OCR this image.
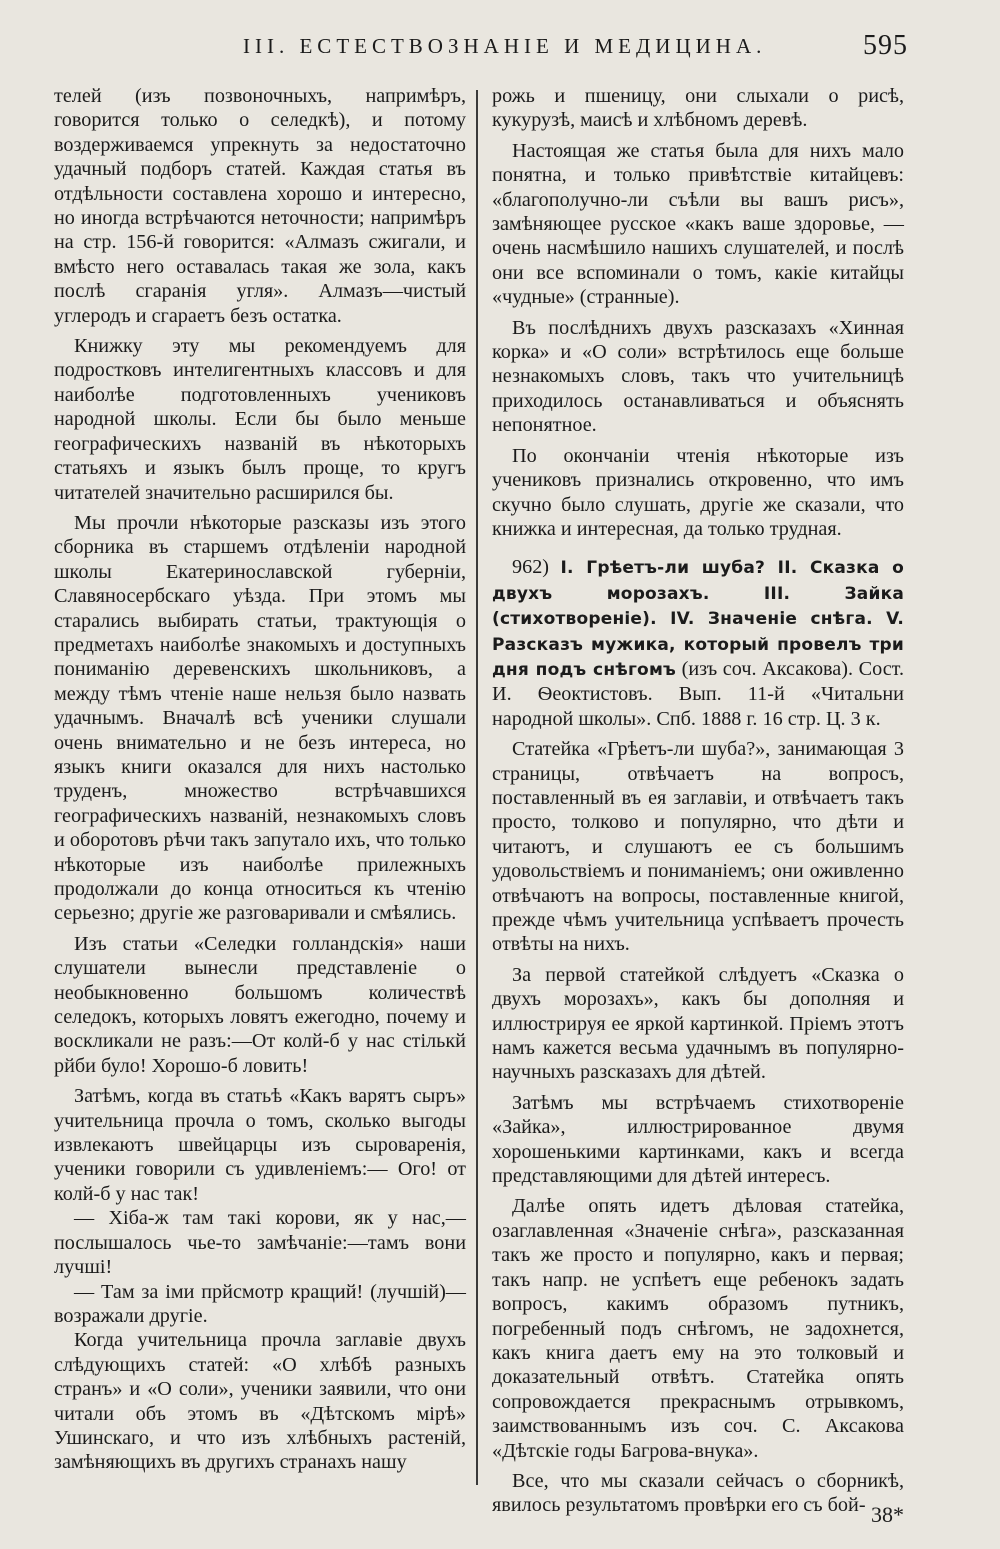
III. ЕСТЕСТВОЗНАНІЕ И МЕДИЦИНА.	595

телей (изъ позвоночныхъ, напримѣръ, говорится только о селедкѣ), и потому воздерживаемся упрекнуть за недостаточно удачный подборъ статей. Каждая статья въ отдѣльности составлена хорошо и интересно, но иногда встрѣчаются неточности; напримѣръ на стр. 156-й говорится: «Алмазъ сжигали, и вмѣсто него оставалась такая же зола, какъ послѣ сгаранія угля». Алмазъ—чистый углеродъ и сгараетъ безъ остатка.

Книжку эту мы рекомендуемъ для подростковъ интелигентныхъ классовъ и для наиболѣе подготовленныхъ учениковъ народной школы. Если бы было меньше географическихъ названій въ нѣкоторыхъ статьяхъ и языкъ былъ проще, то кругъ читателей значительно расширился бы.

Мы прочли нѣкоторые разсказы изъ этого сборника въ старшемъ отдѣленіи народной школы Екатеринославской губерніи, Славяносербскаго уѣзда. При этомъ мы старались выбирать статьи, трактующія о предметахъ наиболѣе знакомыхъ и доступныхъ пониманію деревенскихъ школьниковъ, а между тѣмъ чтеніе наше нельзя было назвать удачнымъ. Вначалѣ всѣ ученики слушали очень внимательно и не безъ интереса, но языкъ книги оказался для нихъ настолько труденъ, множество встрѣчавшихся географическихъ названій, незнакомыхъ словъ и оборотовъ рѣчи такъ запутало ихъ, что только нѣкоторые изъ наиболѣе прилежныхъ продолжали до конца относиться къ чтенію серьезно; другіе же разговаривали и смѣялись.

Изъ статьи «Селедки голландскія» наши слушатели вынесли представленіе о необыкновенно большомъ количествѣ селедокъ, которыхъ ловятъ ежегодно, почему и воскликали не разъ:—От колй-б у нас стількй рйби було! Хорошо-б ловить!

Затѣмъ, когда въ статьѣ «Какъ варятъ сыръ» учительница прочла о томъ, сколько выгоды извлекаютъ швейцарцы изъ сыроваренія, ученики говорили съ удивленіемъ:— Ого! от колй-б у нас так!

— Хіба-ж там такі корови, як у нас,— послышалось чье-то замѣчаніе:—тамъ вони лучші!

— Там за іми прйсмотр кращий! (лучшій)—возражали другіе.

Когда учительница прочла заглавіе двухъ слѣдующихъ статей: «О хлѣбѣ разныхъ странъ» и «О соли», ученики заявили, что они читали объ этомъ въ «Дѣтскомъ мірѣ» Ушинскаго, и что изъ хлѣбныхъ растеній, замѣняющихъ въ другихъ странахъ нашу

рожь и пшеницу, они слыхали о рисѣ, кукурузѣ, маисѣ и хлѣбномъ деревѣ.

Настоящая же статья была для нихъ мало понятна, и только привѣтствіе китайцевъ: «благополучно-ли съѣли вы вашъ рисъ», замѣняющее русское «какъ ваше здоровье, — очень насмѣшило нашихъ слушателей, и послѣ они все вспоминали о томъ, какіе китайцы «чудные» (странные).

Въ послѣднихъ двухъ разсказахъ «Хинная корка» и «О соли» встрѣтилось еще больше незнакомыхъ словъ, такъ что учительницѣ приходилось останавливаться и объяснять непонятное.

По окончаніи чтенія нѣкоторые изъ учениковъ признались откровенно, что имъ скучно было слушать, другіе же сказали, что книжка и интересная, да только трудная.

962) I. Грѣетъ-ли шуба? II. Сказка о двухъ морозахъ. III. Зайка (стихотвореніе). IV. Значеніе снѣга. V. Разсказъ мужика, который провелъ три дня подъ снѣгомъ (изъ соч. Аксакова). Сост. И. Ѳеоктистовъ. Вып. 11-й «Читальни народной школы». Спб. 1888 г. 16 стр. Ц. 3 к.

Статейка «Грѣетъ-ли шуба?», занимающая 3 страницы, отвѣчаетъ на вопросъ, поставленный въ ея заглавіи, и отвѣчаетъ такъ просто, толково и популярно, что дѣти и читаютъ, и слушаютъ ее съ большимъ удовольствіемъ и пониманіемъ; они оживленно отвѣчаютъ на вопросы, поставленные книгой, прежде чѣмъ учительница успѣваетъ прочесть отвѣты на нихъ.

За первой статейкой слѣдуетъ «Сказка о двухъ морозахъ», какъ бы дополняя и иллюстрируя ее яркой картинкой. Пріемъ этотъ намъ кажется весьма удачнымъ въ популярно-научныхъ разсказахъ для дѣтей.

Затѣмъ мы встрѣчаемъ стихотвореніе «Зайка», иллюстрированное двумя хорошенькими картинками, какъ и всегда представляющими для дѣтей интересъ.

Далѣе опять идетъ дѣловая статейка, озаглавленная «Значеніе снѣга», разсказанная такъ же просто и популярно, какъ и первая; такъ напр. не успѣетъ еще ребенокъ задать вопросъ, какимъ образомъ путникъ, погребенный подъ снѣгомъ, не задохнется, какъ книга даетъ ему на это толковый и доказательный отвѣтъ. Статейка опять сопровождается прекраснымъ отрывкомъ, заимствованнымъ изъ соч. С. Аксакова «Дѣтскіе годы Багрова-внука».

Все, что мы сказали сейчасъ о сборникѣ, явилось результатомъ провѣрки его съ бой- 38*
